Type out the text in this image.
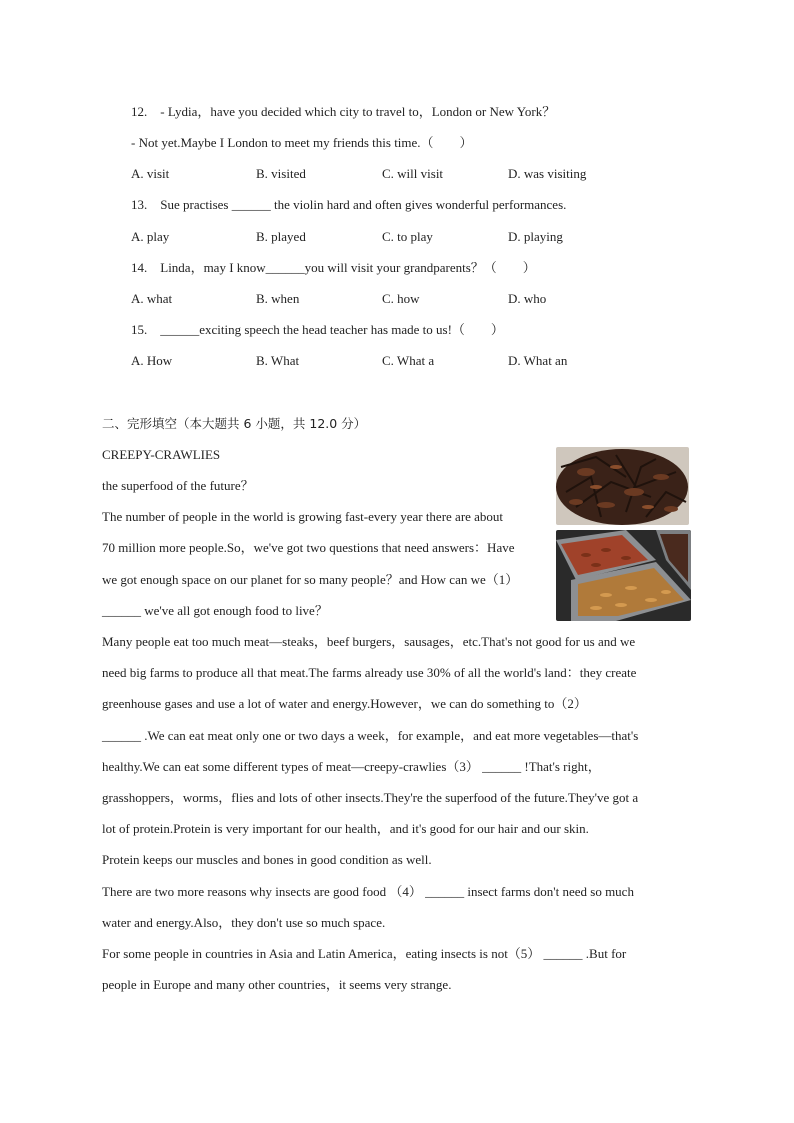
12.　- Lydia，have you decided which city to travel to，London or New York？
- Not yet.Maybe I London to meet my friends this time.（　　）
A. visit	B. visited	C. will visit	D. was visiting
13.　Sue practises ______ the violin hard and often gives wonderful performances.
A. play	B. played	C. to play	D. playing
14.　Linda，may I know______you will visit your grandparents？（　　）
A. what	B. when	C. how	D. who
15.　______exciting speech the head teacher has made to us!（　　）
A. How	B. What	C. What a	D. What an
二、完形填空（本大题共 6 小题，共 12.0 分）
CREEPY-CRAWLIES
the superfood of the future？
The number of people in the world is growing fast-every year there are about
70 million more people.So，we've got two questions that need answers：Have
we got enough space on our planet for so many people？and How can we（1）
______ we've all got enough food to live？
Many people eat too much meat—steaks，beef burgers，sausages，etc.That's not good for us and we
need big farms to produce all that meat.The farms already use 30% of all the world's land：they create
greenhouse gases and use a lot of water and energy.However，we can do something to（2）
______ .We can eat meat only one or two days a week，for example，and eat more vegetables—that's
healthy.We can eat some different types of meat—creepy-crawlies（3） ______ !That's right，
grasshoppers，worms，flies and lots of other insects.They're the superfood of the future.They've got a
lot of protein.Protein is very important for our health，and it's good for our hair and our skin.
Protein keeps our muscles and bones in good condition as well.
There are two more reasons why insects are good food （4） ______ insect farms don't need so much
water and energy.Also，they don't use so much space.
For some people in countries in Asia and Latin America，eating insects is not（5） ______ .But for
people in Europe and many other countries，it seems very strange.
